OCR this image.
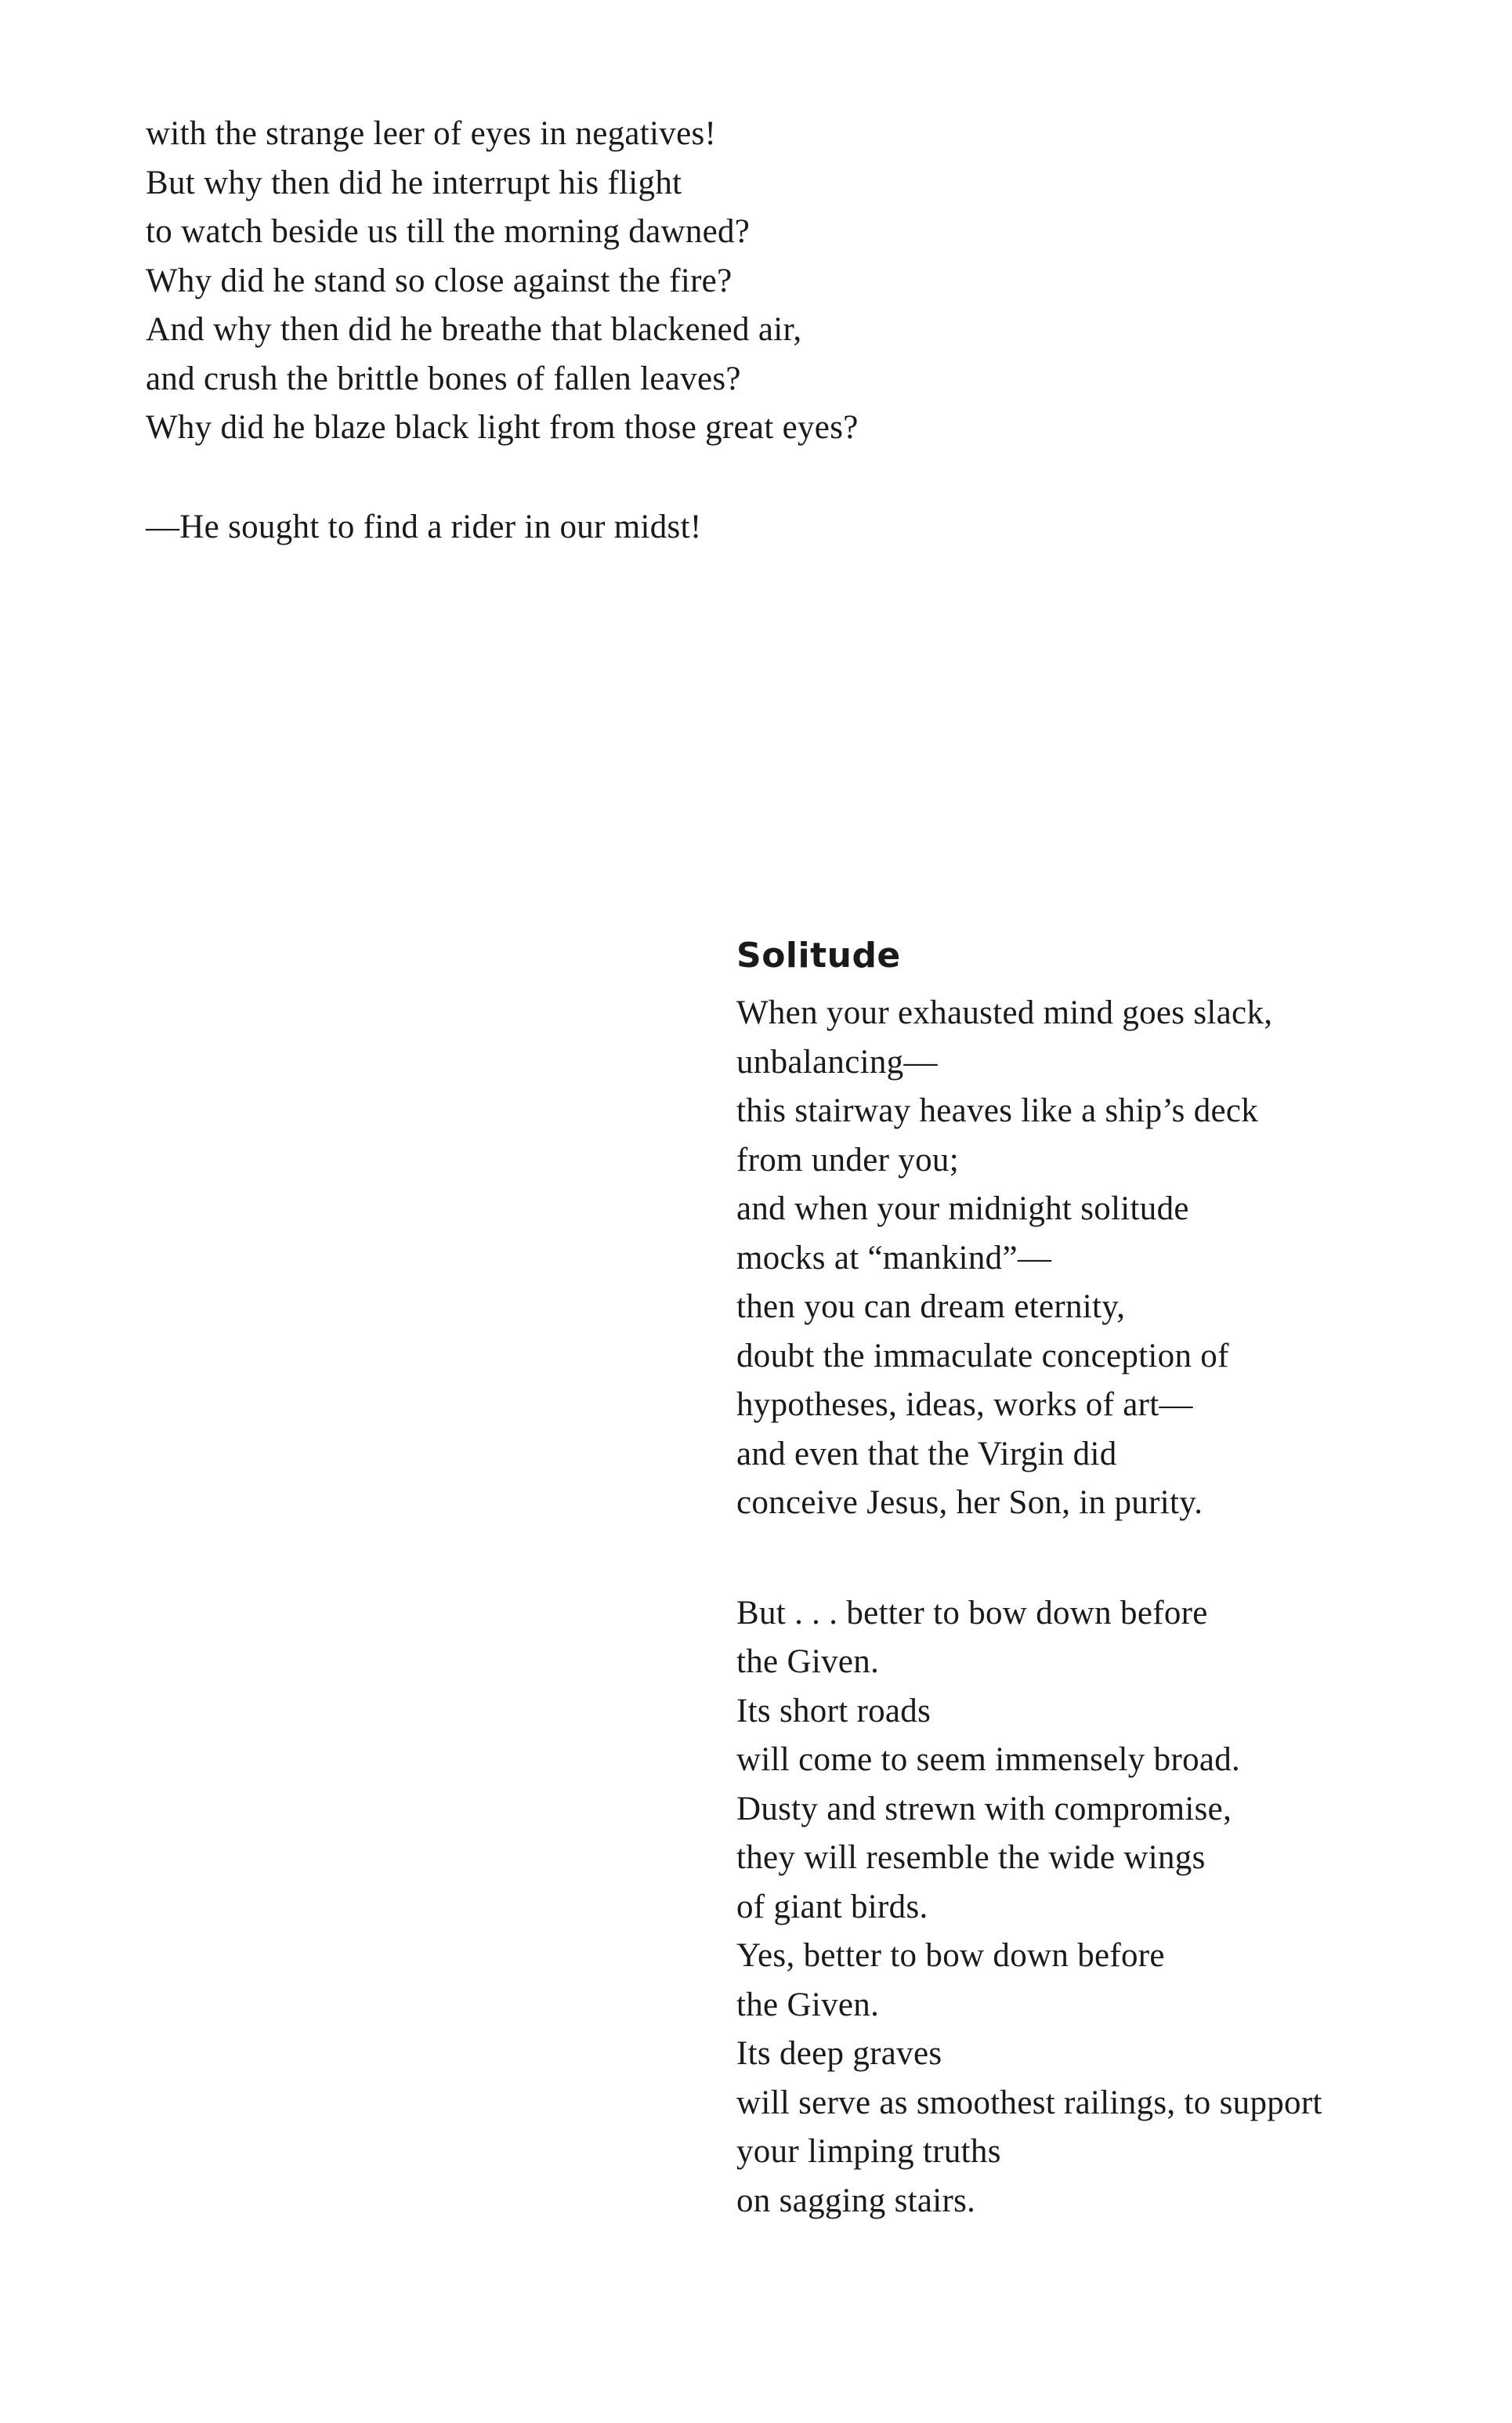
with the strange leer of eyes in negatives!
But why then did he interrupt his flight
to watch beside us till the morning dawned?
Why did he stand so close against the fire?
And why then did he breathe that blackened air,
and crush the brittle bones of fallen leaves?
Why did he blaze black light from those great eyes?
—He sought to find a rider in our midst!
Solitude
When your exhausted mind goes slack,
unbalancing—
this stairway heaves like a ship’s deck
from under you;
and when your midnight solitude
mocks at “mankind”—
then you can dream eternity,
doubt the immaculate conception of
hypotheses, ideas, works of art—
and even that the Virgin did
conceive Jesus, her Son, in purity.
But . . . better to bow down before
the Given.
Its short roads
will come to seem immensely broad.
Dusty and strewn with compromise,
they will resemble the wide wings
of giant birds.
Yes, better to bow down before
the Given.
Its deep graves
will serve as smoothest railings, to support
your limping truths
on sagging stairs.
